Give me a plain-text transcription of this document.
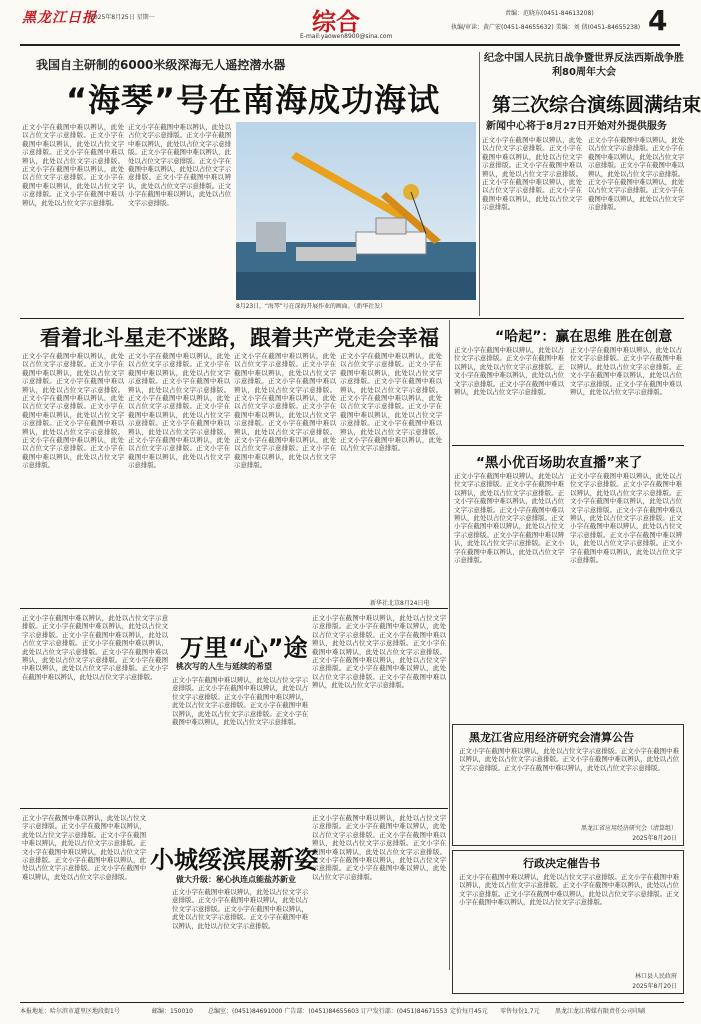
黑龙江日报
2025年8月25日 星期一	综合
E-mail:yaowen8900@sina.com
责编：范晓东(0451-84613208)
执编/审读：黄广宏(0451-84655632) 美编：刘 倩(0451-84655238) 4
我国自主研制的6000米级深海无人遥控潜水器
“海琴”号在南海成功海试
正文小字在截图中难以辨认，此处以占位文字示意排版。正文小字在截图中难以辨认，此处以占位文字示意排版。正文小字在截图中难以辨认，此处以占位文字示意排版。正文小字在截图中难以辨认，此处以占位文字示意排版。正文小字在截图中难以辨认，此处以占位文字示意排版。正文小字在截图中难以辨认，此处以占位文字示意排版。
正文小字在截图中难以辨认，此处以占位文字示意排版。正文小字在截图中难以辨认，此处以占位文字示意排版。正文小字在截图中难以辨认，此处以占位文字示意排版。正文小字在截图中难以辨认，此处以占位文字示意排版。正文小字在截图中难以辨认，此处以占位文字示意排版。正文小字在截图中难以辨认，此处以占位文字示意排版。
8月23日，“海琴”号在深海开展作业的画面。（新华社发）
纪念中国人民抗日战争暨世界反法西斯战争胜利80周年大会
第三次综合演练圆满结束
新闻中心将于8月27日开始对外提供服务
正文小字在截图中难以辨认，此处以占位文字示意排版。正文小字在截图中难以辨认，此处以占位文字示意排版。正文小字在截图中难以辨认，此处以占位文字示意排版。正文小字在截图中难以辨认，此处以占位文字示意排版。正文小字在截图中难以辨认，此处以占位文字示意排版。
正文小字在截图中难以辨认，此处以占位文字示意排版。正文小字在截图中难以辨认，此处以占位文字示意排版。正文小字在截图中难以辨认，此处以占位文字示意排版。正文小字在截图中难以辨认，此处以占位文字示意排版。正文小字在截图中难以辨认，此处以占位文字示意排版。
看着北斗星走不迷路，跟着共产党走会幸福
正文小字在截图中难以辨认，此处以占位文字示意排版。正文小字在截图中难以辨认，此处以占位文字示意排版。正文小字在截图中难以辨认，此处以占位文字示意排版。正文小字在截图中难以辨认，此处以占位文字示意排版。正文小字在截图中难以辨认，此处以占位文字示意排版。正文小字在截图中难以辨认，此处以占位文字示意排版。正文小字在截图中难以辨认，此处以占位文字示意排版。正文小字在截图中难以辨认，此处以占位文字示意排版。
正文小字在截图中难以辨认，此处以占位文字示意排版。正文小字在截图中难以辨认，此处以占位文字示意排版。正文小字在截图中难以辨认，此处以占位文字示意排版。正文小字在截图中难以辨认，此处以占位文字示意排版。正文小字在截图中难以辨认，此处以占位文字示意排版。正文小字在截图中难以辨认，此处以占位文字示意排版。正文小字在截图中难以辨认，此处以占位文字示意排版。正文小字在截图中难以辨认，此处以占位文字示意排版。
正文小字在截图中难以辨认，此处以占位文字示意排版。正文小字在截图中难以辨认，此处以占位文字示意排版。正文小字在截图中难以辨认，此处以占位文字示意排版。正文小字在截图中难以辨认，此处以占位文字示意排版。正文小字在截图中难以辨认，此处以占位文字示意排版。正文小字在截图中难以辨认，此处以占位文字示意排版。正文小字在截图中难以辨认，此处以占位文字示意排版。正文小字在截图中难以辨认，此处以占位文字示意排版。
正文小字在截图中难以辨认，此处以占位文字示意排版。正文小字在截图中难以辨认，此处以占位文字示意排版。正文小字在截图中难以辨认，此处以占位文字示意排版。正文小字在截图中难以辨认，此处以占位文字示意排版。正文小字在截图中难以辨认，此处以占位文字示意排版。正文小字在截图中难以辨认，此处以占位文字示意排版。正文小字在截图中难以辨认，此处以占位文字示意排版。
新华社北京8月24日电
“哈起”：赢在思维 胜在创意
正文小字在截图中难以辨认，此处以占位文字示意排版。正文小字在截图中难以辨认，此处以占位文字示意排版。正文小字在截图中难以辨认，此处以占位文字示意排版。正文小字在截图中难以辨认，此处以占位文字示意排版。
正文小字在截图中难以辨认，此处以占位文字示意排版。正文小字在截图中难以辨认，此处以占位文字示意排版。正文小字在截图中难以辨认，此处以占位文字示意排版。正文小字在截图中难以辨认，此处以占位文字示意排版。
“黑小优百场助农直播”来了
正文小字在截图中难以辨认，此处以占位文字示意排版。正文小字在截图中难以辨认，此处以占位文字示意排版。正文小字在截图中难以辨认，此处以占位文字示意排版。正文小字在截图中难以辨认，此处以占位文字示意排版。正文小字在截图中难以辨认，此处以占位文字示意排版。正文小字在截图中难以辨认，此处以占位文字示意排版。正文小字在截图中难以辨认，此处以占位文字示意排版。
正文小字在截图中难以辨认，此处以占位文字示意排版。正文小字在截图中难以辨认，此处以占位文字示意排版。正文小字在截图中难以辨认，此处以占位文字示意排版。正文小字在截图中难以辨认，此处以占位文字示意排版。正文小字在截图中难以辨认，此处以占位文字示意排版。正文小字在截图中难以辨认，此处以占位文字示意排版。正文小字在截图中难以辨认，此处以占位文字示意排版。
万里“心”途
桃次写的人生与延续的希望
正文小字在截图中难以辨认，此处以占位文字示意排版。正文小字在截图中难以辨认，此处以占位文字示意排版。正文小字在截图中难以辨认，此处以占位文字示意排版。正文小字在截图中难以辨认，此处以占位文字示意排版。正文小字在截图中难以辨认，此处以占位文字示意排版。正文小字在截图中难以辨认，此处以占位文字示意排版。正文小字在截图中难以辨认，此处以占位文字示意排版。	正文小字在截图中难以辨认，此处以占位文字示意排版。正文小字在截图中难以辨认，此处以占位文字示意排版。正文小字在截图中难以辨认，此处以占位文字示意排版。正文小字在截图中难以辨认，此处以占位文字示意排版。正文小字在截图中难以辨认，此处以占位文字示意排版。
正文小字在截图中难以辨认，此处以占位文字示意排版。正文小字在截图中难以辨认，此处以占位文字示意排版。正文小字在截图中难以辨认，此处以占位文字示意排版。正文小字在截图中难以辨认，此处以占位文字示意排版。正文小字在截图中难以辨认，此处以占位文字示意排版。正文小字在截图中难以辨认，此处以占位文字示意排版。正文小字在截图中难以辨认，此处以占位文字示意排版。
小城绥滨展新姿
做大升级：秘心执连点能盐苏新业
正文小字在截图中难以辨认，此处以占位文字示意排版。正文小字在截图中难以辨认，此处以占位文字示意排版。正文小字在截图中难以辨认，此处以占位文字示意排版。正文小字在截图中难以辨认，此处以占位文字示意排版。正文小字在截图中难以辨认，此处以占位文字示意排版。正文小字在截图中难以辨认，此处以占位文字示意排版。
正文小字在截图中难以辨认，此处以占位文字示意排版。正文小字在截图中难以辨认，此处以占位文字示意排版。正文小字在截图中难以辨认，此处以占位文字示意排版。正文小字在截图中难以辨认，此处以占位文字示意排版。
正文小字在截图中难以辨认，此处以占位文字示意排版。正文小字在截图中难以辨认，此处以占位文字示意排版。正文小字在截图中难以辨认，此处以占位文字示意排版。正文小字在截图中难以辨认，此处以占位文字示意排版。正文小字在截图中难以辨认，此处以占位文字示意排版。正文小字在截图中难以辨认，此处以占位文字示意排版。
黑龙江省应用经济研究会清算公告
正文小字在截图中难以辨认，此处以占位文字示意排版。正文小字在截图中难以辨认，此处以占位文字示意排版。正文小字在截图中难以辨认，此处以占位文字示意排版。正文小字在截图中难以辨认，此处以占位文字示意排版。
黑龙江省应用经济研究会（清算组）
2025年8月20日
行政决定催告书
正文小字在截图中难以辨认，此处以占位文字示意排版。正文小字在截图中难以辨认，此处以占位文字示意排版。正文小字在截图中难以辨认，此处以占位文字示意排版。正文小字在截图中难以辨认，此处以占位文字示意排版。正文小字在截图中难以辨认，此处以占位文字示意排版。
林口县人民政府
2025年8月20日
本报地址：哈尔滨市道里区地段街1号	邮编：150010	总编室：(0451)84691000 广告部：(0451)84655603 订户发行部：(0451)84671553 定价每月45元 零售每份1.7元	黑龙江龙江传媒有限责任公司印刷
